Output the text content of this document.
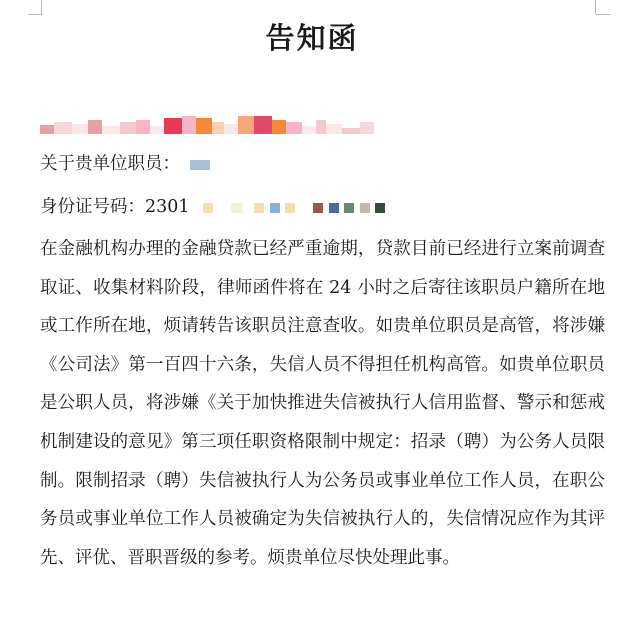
告知函
关于贵单位职员：
身份证号码：2301

在金融机构办理的金融贷款已经严重逾期，贷款目前已经进行立案前调查取证、收集材料阶段，律师函件将在 24 小时之后寄往该职员户籍所在地或工作所在地，烦请转告该职员注意查收。如贵单位职员是高管，将涉嫌《公司法》第一百四十六条，失信人员不得担任机构高管。如贵单位职员是公职人员，将涉嫌《关于加快推进失信被执行人信用监督、警示和惩戒机制建设的意见》第三项任职资格限制中规定：招录（聘）为公务人员限制。限制招录（聘）失信被执行人为公务员或事业单位工作人员，在职公务员或事业单位工作人员被确定为失信被执行人的，失信情况应作为其评先、评优、晋职晋级的参考。烦贵单位尽快处理此事。
